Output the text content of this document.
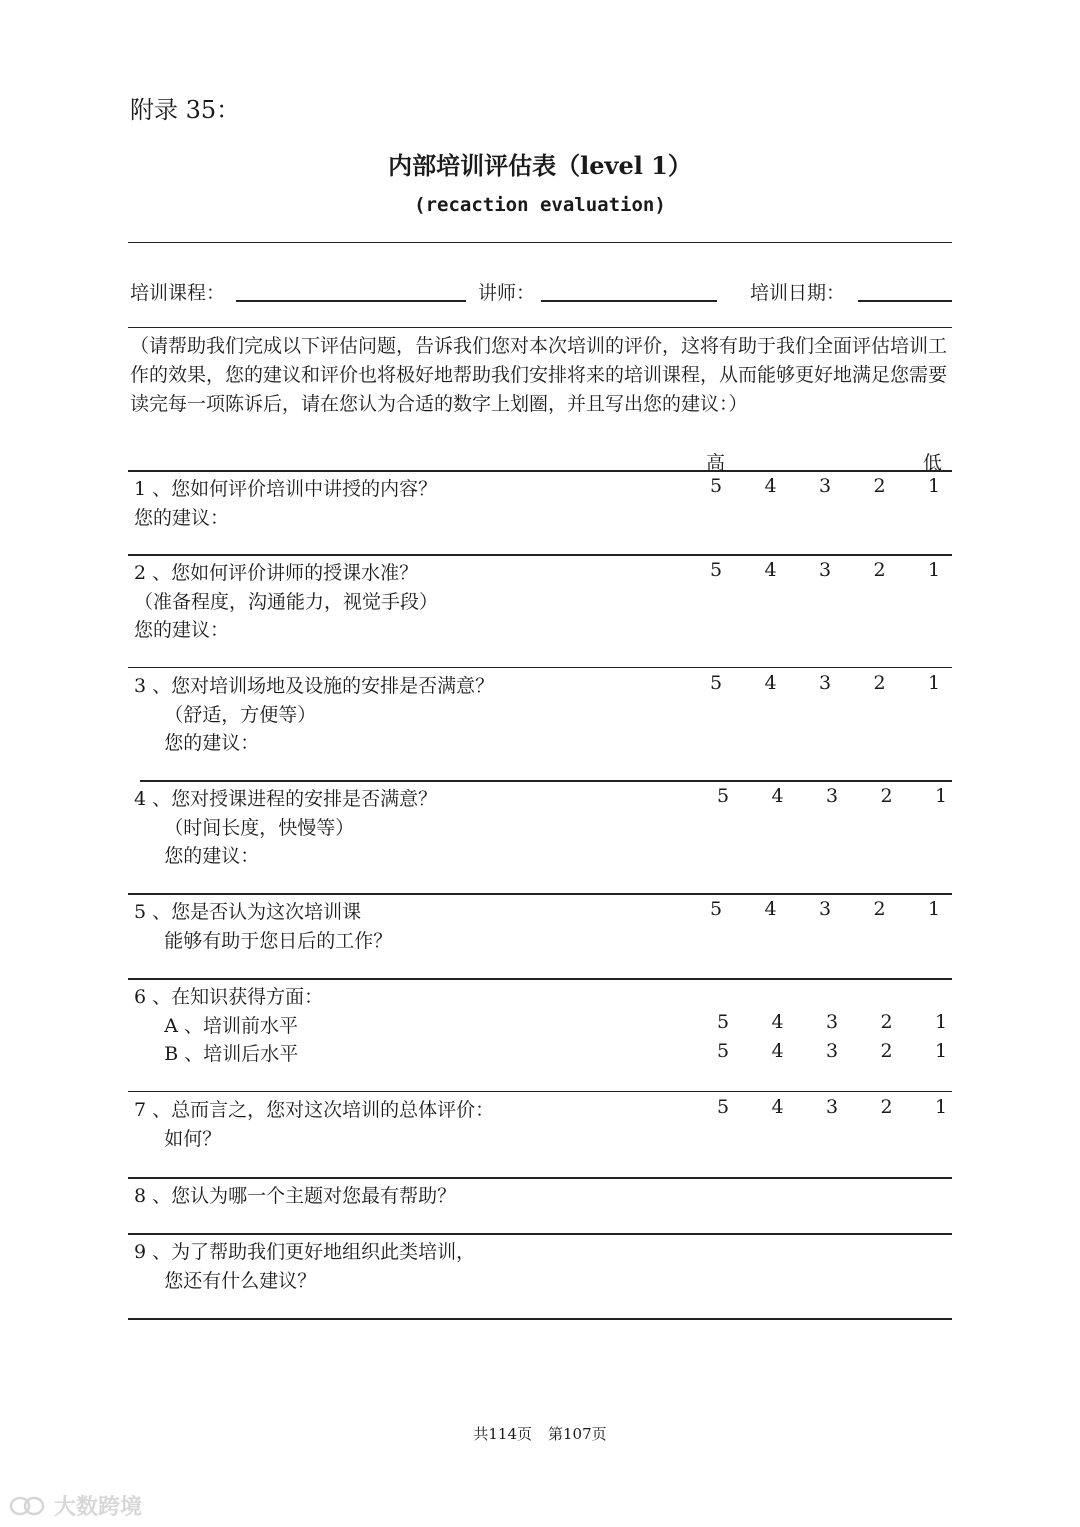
附录 35：
内部培训评估表（level 1）
(recaction evaluation)
培训课程：	讲师：	培训日期：
（请帮助我们完成以下评估问题，告诉我们您对本次培训的评价，这将有助于我们全面评估培训工作的效果，您的建议和评价也将极好地帮助我们安排将来的培训课程，从而能够更好地满足您需要读完每一项陈诉后，请在您认为合适的数字上划圈，并且写出您的建议：）
高	低
1 、您如何评价培训中讲授的内容？
您的建议：
5	4	3	2	1
2 、您如何评价讲师的授课水准？
（准备程度，沟通能力，视觉手段）
您的建议：
5	4	3	2	1
3 、您对培训场地及设施的安排是否满意？
（舒适，方便等）
您的建议：
5	4	3	2	1
4 、您对授课进程的安排是否满意？
（时间长度，快慢等）
您的建议：
5	4	3	2	1
5 、您是否认为这次培训课
能够有助于您日后的工作？
5	4	3	2	1
6 、在知识获得方面：
A 、培训前水平
B 、培训后水平
5	4	3	2	1
5	4	3	2	1
7 、总而言之，您对这次培训的总体评价：
如何？
5	4	3	2	1
8 、您认为哪一个主题对您最有帮助？
9 、为了帮助我们更好地组织此类培训，
您还有什么建议？
共114页 第107页
大数跨境
